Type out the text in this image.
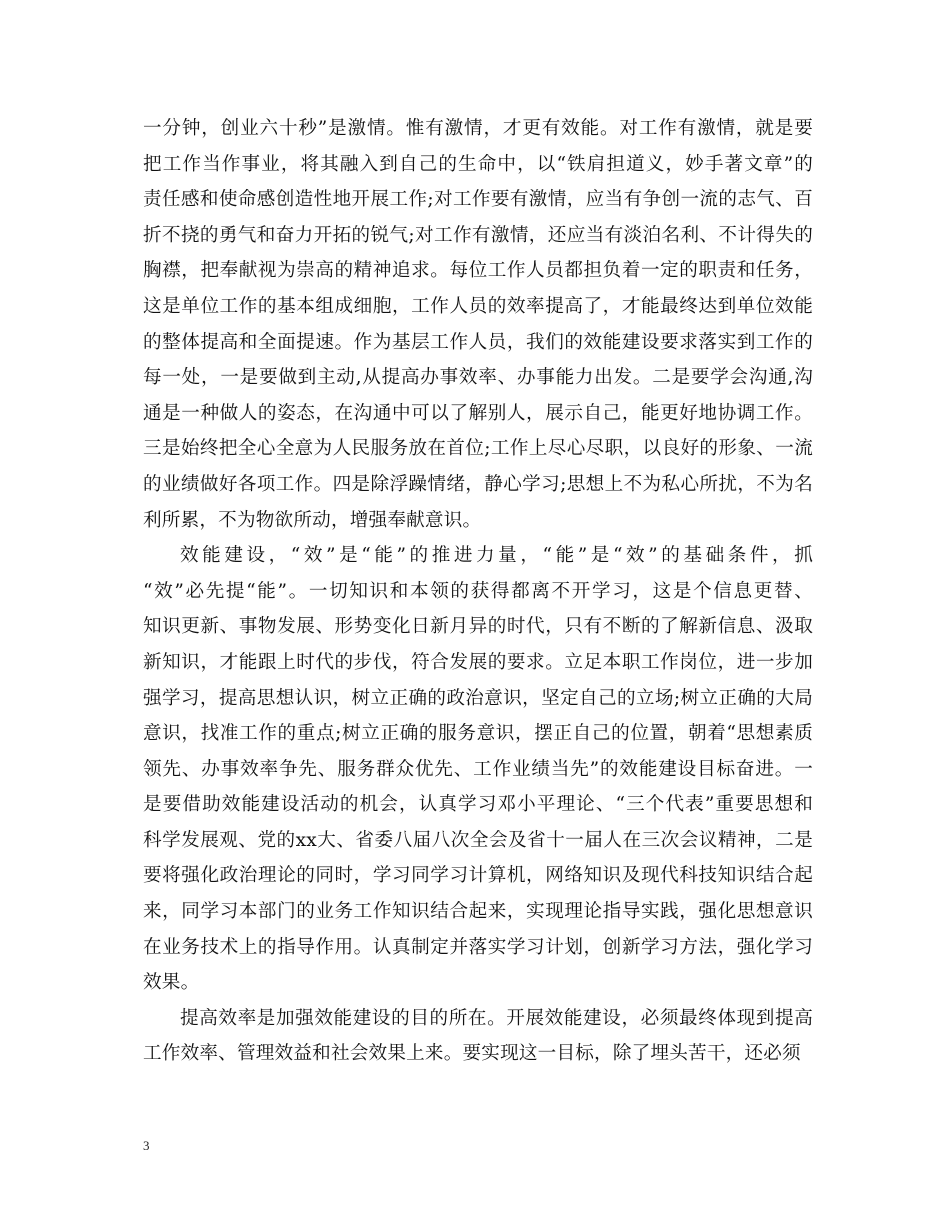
一分钟，创业六十秒”是激情。惟有激情，才更有效能。对工作有激情，就是要
把工作当作事业，将其融入到自己的生命中，以“铁肩担道义，妙手著文章”的
责任感和使命感创造性地开展工作;对工作要有激情，应当有争创一流的志气、百
折不挠的勇气和奋力开拓的锐气;对工作有激情，还应当有淡泊名利、不计得失的
胸襟，把奉献视为崇高的精神追求。每位工作人员都担负着一定的职责和任务，
这是单位工作的基本组成细胞，工作人员的效率提高了，才能最终达到单位效能
的整体提高和全面提速。作为基层工作人员，我们的效能建设要求落实到工作的
每一处，一是要做到主动,从提高办事效率、办事能力出发。二是要学会沟通,沟
通是一种做人的姿态，在沟通中可以了解别人，展示自己，能更好地协调工作。
三是始终把全心全意为人民服务放在首位;工作上尽心尽职，以良好的形象、一流
的业绩做好各项工作。四是除浮躁情绪，静心学习;思想上不为私心所扰，不为名
利所累，不为物欲所动，增强奉献意识。
效能建设，“效”是“能”的推进力量，“能”是“效”的基础条件，抓
“效”必先提“能”。一切知识和本领的获得都离不开学习，这是个信息更替、
知识更新、事物发展、形势变化日新月异的时代，只有不断的了解新信息、汲取
新知识，才能跟上时代的步伐，符合发展的要求。立足本职工作岗位，进一步加
强学习，提高思想认识，树立正确的政治意识，坚定自己的立场;树立正确的大局
意识，找准工作的重点;树立正确的服务意识，摆正自己的位置，朝着“思想素质
领先、办事效率争先、服务群众优先、工作业绩当先”的效能建设目标奋进。一
是要借助效能建设活动的机会，认真学习邓小平理论、“三个代表”重要思想和
科学发展观、党的xx大、省委八届八次全会及省十一届人在三次会议精神，二是
要将强化政治理论的同时，学习同学习计算机，网络知识及现代科技知识结合起
来，同学习本部门的业务工作知识结合起来，实现理论指导实践，强化思想意识
在业务技术上的指导作用。认真制定并落实学习计划，创新学习方法，强化学习
效果。
提高效率是加强效能建设的目的所在。开展效能建设，必须最终体现到提高
工作效率、管理效益和社会效果上来。要实现这一目标，除了埋头苦干，还必须
3
